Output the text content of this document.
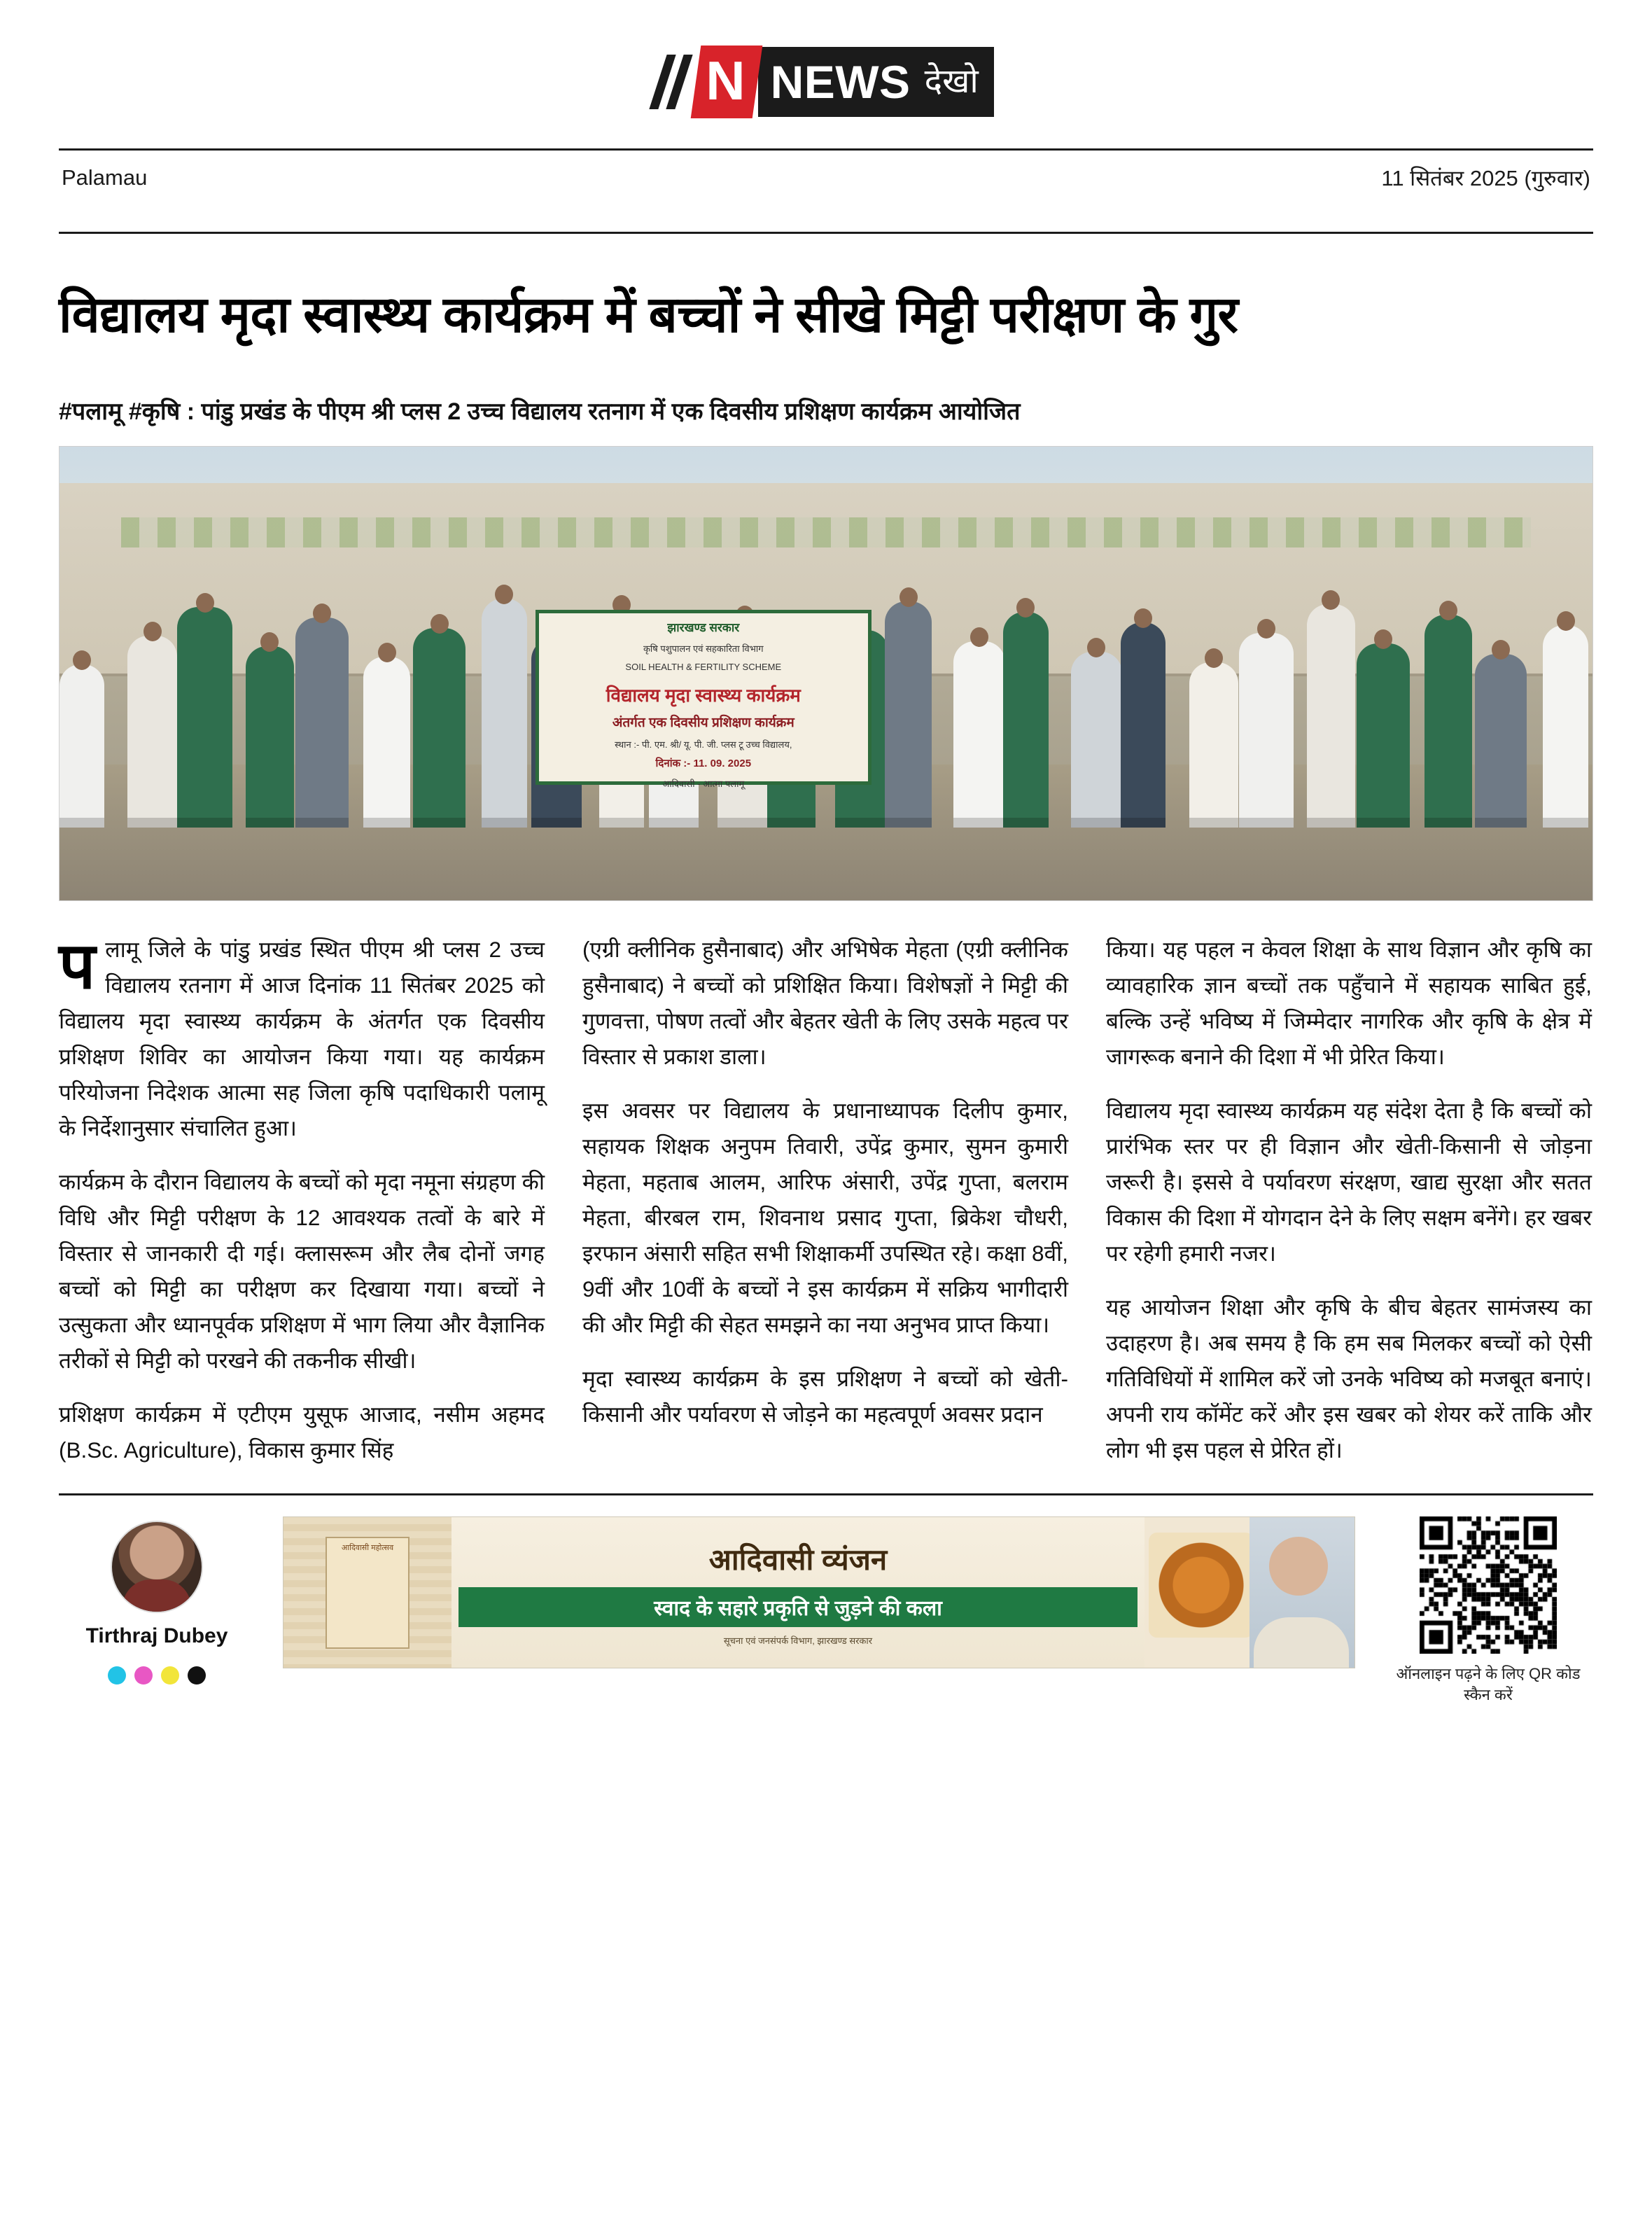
N NEWS देखो
Palamau	11 सितंबर 2025 (गुरुवार)
विद्यालय मृदा स्वास्थ्य कार्यक्रम में बच्चों ने सीखे मिट्टी परीक्षण के गुर
#पलामू #कृषि : पांडु प्रखंड के पीएम श्री प्लस 2 उच्च विद्यालय रतनाग में एक दिवसीय प्रशिक्षण कार्यक्रम आयोजित
झारखण्ड सरकार
कृषि पशुपालन एवं सहकारिता विभाग
SOIL HEALTH & FERTILITY SCHEME
विद्यालय मृदा स्वास्थ्य कार्यक्रम
अंतर्गत एक दिवसीय प्रशिक्षण कार्यक्रम
स्थान :- पी. एम. श्री/ यू. पी. जी. प्लस टू उच्च विद्यालय,
दिनांक :- 11. 09. 2025
आदिवासी - आत्मा पलामू

पलामू जिले के पांडु प्रखंड स्थित पीएम श्री प्लस 2 उच्च विद्यालय रतनाग में आज दिनांक 11 सितंबर 2025 को विद्यालय मृदा स्वास्थ्य कार्यक्रम के अंतर्गत एक दिवसीय प्रशिक्षण शिविर का आयोजन किया गया। यह कार्यक्रम परियोजना निदेशक आत्मा सह जिला कृषि पदाधिकारी पलामू के निर्देशानुसार संचालित हुआ।

कार्यक्रम के दौरान विद्यालय के बच्चों को मृदा नमूना संग्रहण की विधि और मिट्टी परीक्षण के 12 आवश्यक तत्वों के बारे में विस्तार से जानकारी दी गई। क्लासरूम और लैब दोनों जगह बच्चों को मिट्टी का परीक्षण कर दिखाया गया। बच्चों ने उत्सुकता और ध्यानपूर्वक प्रशिक्षण में भाग लिया और वैज्ञानिक तरीकों से मिट्टी को परखने की तकनीक सीखी।

प्रशिक्षण कार्यक्रम में एटीएम युसूफ आजाद, नसीम अहमद (B.Sc. Agriculture), विकास कुमार सिंह

(एग्री क्लीनिक हुसैनाबाद) और अभिषेक मेहता (एग्री क्लीनिक हुसैनाबाद) ने बच्चों को प्रशिक्षित किया। विशेषज्ञों ने मिट्टी की गुणवत्ता, पोषण तत्वों और बेहतर खेती के लिए उसके महत्व पर विस्तार से प्रकाश डाला।

इस अवसर पर विद्यालय के प्रधानाध्यापक दिलीप कुमार, सहायक शिक्षक अनुपम तिवारी, उपेंद्र कुमार, सुमन कुमारी मेहता, महताब आलम, आरिफ अंसारी, उपेंद्र गुप्ता, बलराम मेहता, बीरबल राम, शिवनाथ प्रसाद गुप्ता, ब्रिकेश चौधरी, इरफान अंसारी सहित सभी शिक्षाकर्मी उपस्थित रहे। कक्षा 8वीं, 9वीं और 10वीं के बच्चों ने इस कार्यक्रम में सक्रिय भागीदारी की और मिट्टी की सेहत समझने का नया अनुभव प्राप्त किया।

मृदा स्वास्थ्य कार्यक्रम के इस प्रशिक्षण ने बच्चों को खेती-किसानी और पर्यावरण से जोड़ने का महत्वपूर्ण अवसर प्रदान

किया। यह पहल न केवल शिक्षा के साथ विज्ञान और कृषि का व्यावहारिक ज्ञान बच्चों तक पहुँचाने में सहायक साबित हुई, बल्कि उन्हें भविष्य में जिम्मेदार नागरिक और कृषि के क्षेत्र में जागरूक बनाने की दिशा में भी प्रेरित किया।

विद्यालय मृदा स्वास्थ्य कार्यक्रम यह संदेश देता है कि बच्चों को प्रारंभिक स्तर पर ही विज्ञान और खेती-किसानी से जोड़ना जरूरी है। इससे वे पर्यावरण संरक्षण, खाद्य सुरक्षा और सतत विकास की दिशा में योगदान देने के लिए सक्षम बनेंगे। हर खबर पर रहेगी हमारी नजर।

यह आयोजन शिक्षा और कृषि के बीच बेहतर सामंजस्य का उदाहरण है। अब समय है कि हम सब मिलकर बच्चों को ऐसी गतिविधियों में शामिल करें जो उनके भविष्य को मजबूत बनाएं। अपनी राय कॉमेंट करें और इस खबर को शेयर करें ताकि और लोग भी इस पहल से प्रेरित हों।

Tirthraj Dubey
आदिवासी महोत्सव	आदिवासी व्यंजन
स्वाद के सहारे प्रकृति से जुड़ने की कला
सूचना एवं जनसंपर्क विभाग, झारखण्ड सरकार
ऑनलाइन पढ़ने के लिए QR कोड स्कैन करें
